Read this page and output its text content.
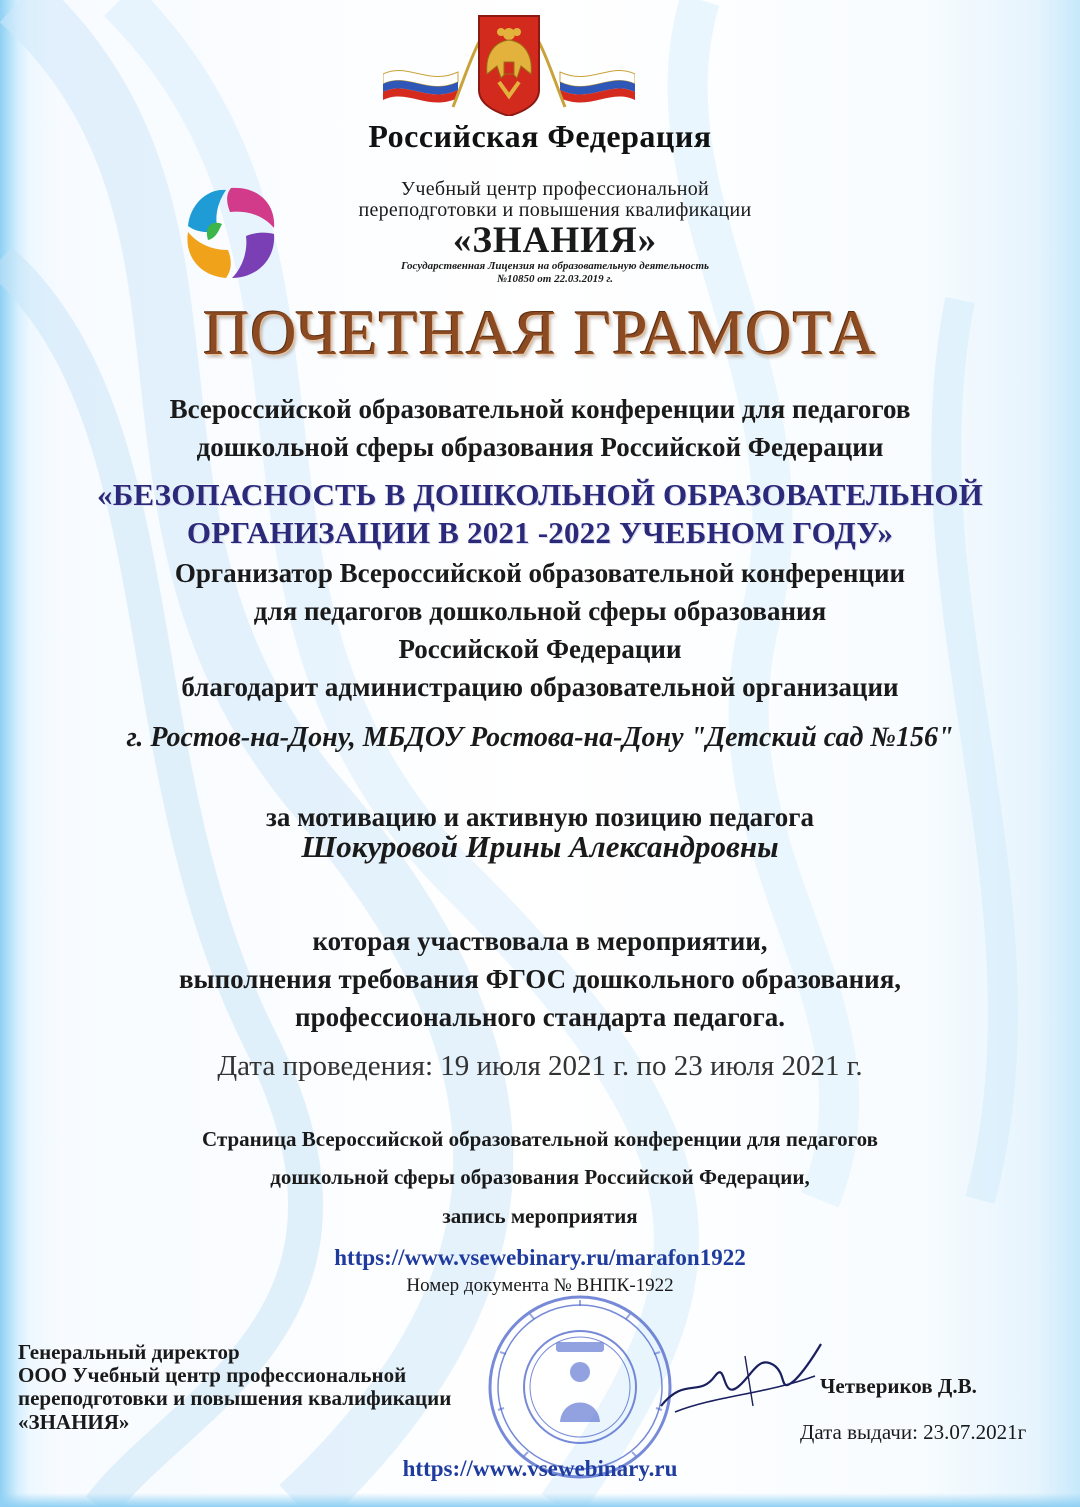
Российская Федерация
Учебный центр профессиональной
переподготовки и повышения квалификации
«ЗНАНИЯ»
Государственная Лицензия на образовательную деятельность
№10850 от 22.03.2019 г.
ПОЧЕТНАЯ ГРАМОТА
Всероссийской образовательной конференции для педагогов
дошкольной сферы образования Российской Федерации
«БЕЗОПАСНОСТЬ В ДОШКОЛЬНОЙ ОБРАЗОВАТЕЛЬНОЙ
ОРГАНИЗАЦИИ В 2021 -2022 УЧЕБНОМ ГОДУ»
Организатор Всероссийской образовательной конференции
для педагогов дошкольной сферы образования
Российской Федерации
благодарит администрацию образовательной организации
г. Ростов-на-Дону, МБДОУ Ростова-на-Дону "Детский сад №156"
за мотивацию и активную позицию педагога
Шокуровой Ирины Александровны
которая участвовала в мероприятии,
выполнения требования ФГОС дошкольного образования,
профессионального стандарта педагога.
Дата проведения: 19 июля 2021 г. по 23 июля 2021 г.
Страница Всероссийской образовательной конференции для педагогов
дошкольной сферы образования Российской Федерации,
запись мероприятия
https://www.vsewebinary.ru/marafon1922
Номер документа № ВНПК-1922
Генеральный директор
ООО Учебный центр профессиональной
переподготовки и повышения квалификации
«ЗНАНИЯ»
Четвериков Д.В.
Дата выдачи: 23.07.2021г
https://www.vsewebinary.ru
